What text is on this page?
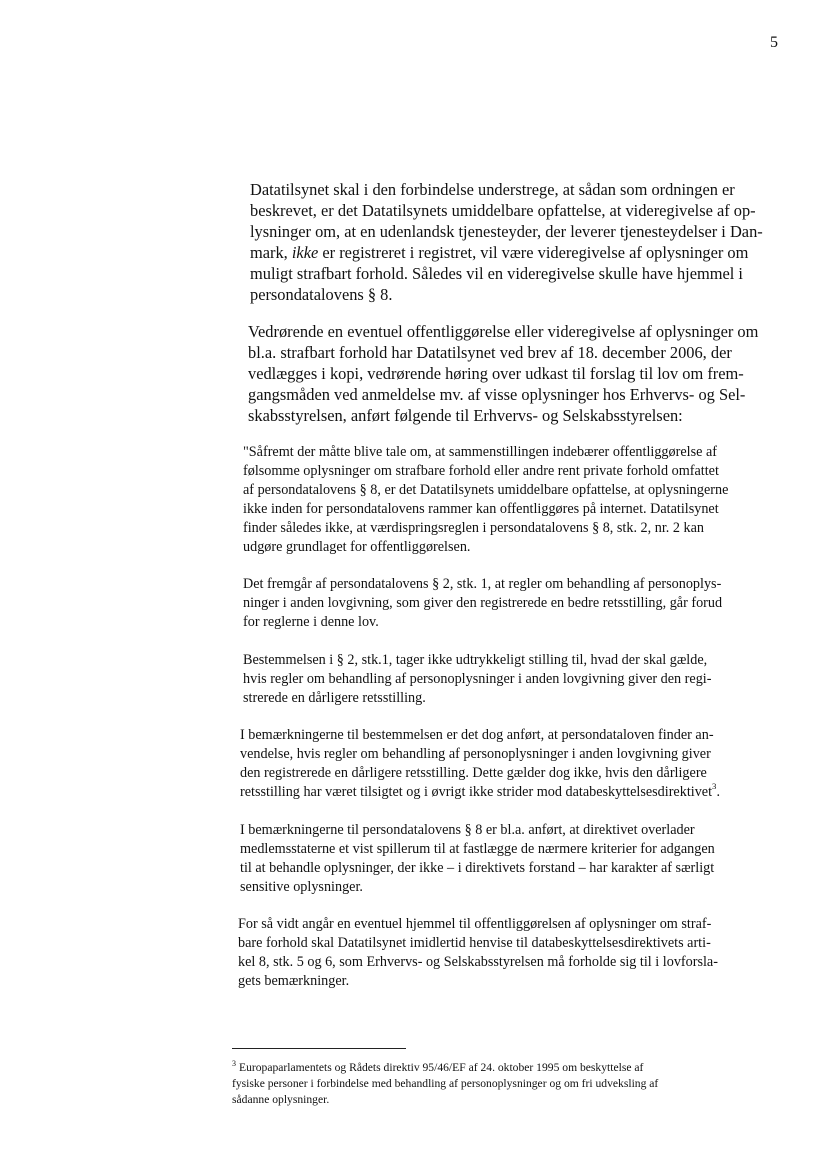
5
Datatilsynet skal i den forbindelse understrege, at sådan som ordningen er
beskrevet, er det Datatilsynets umiddelbare opfattelse, at videregivelse af op-
lysninger om, at en udenlandsk tjenesteyder, der leverer tjenesteydelser i Dan-
mark, ikke er registreret i registret, vil være videregivelse af oplysninger om
muligt strafbart forhold. Således vil en videregivelse skulle have hjemmel i
persondatalovens § 8.
Vedrørende en eventuel offentliggørelse eller videregivelse af oplysninger om
bl.a. strafbart forhold har Datatilsynet ved brev af 18. december 2006, der
vedlægges i kopi, vedrørende høring over udkast til forslag til lov om frem-
gangsmåden ved anmeldelse mv. af visse oplysninger hos Erhvervs- og Sel-
skabsstyrelsen, anført følgende til Erhvervs- og Selskabsstyrelsen:
"Såfremt der måtte blive tale om, at sammenstillingen indebærer offentliggørelse af
følsomme oplysninger om strafbare forhold eller andre rent private forhold omfattet
af persondatalovens § 8, er det Datatilsynets umiddelbare opfattelse, at oplysningerne
ikke inden for persondatalovens rammer kan offentliggøres på internet. Datatilsynet
finder således ikke, at værdispringsreglen i persondatalovens § 8, stk. 2, nr. 2 kan
udgøre grundlaget for offentliggørelsen.
Det fremgår af persondatalovens § 2, stk. 1, at regler om behandling af personoplys-
ninger i anden lovgivning, som giver den registrerede en bedre retsstilling, går forud
for reglerne i denne lov.
Bestemmelsen i § 2, stk.1, tager ikke udtrykkeligt stilling til, hvad der skal gælde,
hvis regler om behandling af personoplysninger i anden lovgivning giver den regi-
strerede en dårligere retsstilling.
I bemærkningerne til bestemmelsen er det dog anført, at persondataloven finder an-
vendelse, hvis regler om behandling af personoplysninger i anden lovgivning giver
den registrerede en dårligere retsstilling. Dette gælder dog ikke, hvis den dårligere
retsstilling har været tilsigtet og i øvrigt ikke strider mod databeskyttelsesdirektivet$^3$.
I bemærkningerne til persondatalovens § 8 er bl.a. anført, at direktivet overlader
medlemsstaterne et vist spillerum til at fastlægge de nærmere kriterier for adgangen
til at behandle oplysninger, der ikke – i direktivets forstand – har karakter af særligt
sensitive oplysninger.
For så vidt angår en eventuel hjemmel til offentliggørelsen af oplysninger om straf-
bare forhold skal Datatilsynet imidlertid henvise til databeskyttelsesdirektivets arti-
kel 8, stk. 5 og 6, som Erhvervs- og Selskabsstyrelsen må forholde sig til i lovforsla-
gets bemærkninger.
$^3$ Europaparlamentets og Rådets direktiv 95/46/EF af 24. oktober 1995 om beskyttelse af
fysiske personer i forbindelse med behandling af personoplysninger og om fri udveksling af
sådanne oplysninger.
